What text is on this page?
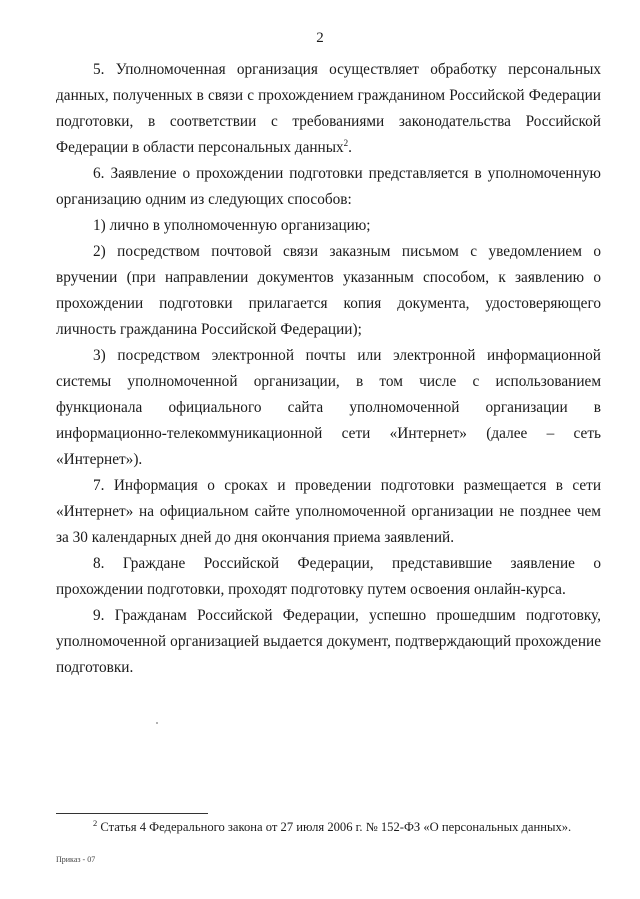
2

5. Уполномоченная организация осуществляет обработку персональных данных, полученных в связи с прохождением гражданином Российской Федерации подготовки, в соответствии с требованиями законодательства Российской Федерации в области персональных данных$^2$.

6. Заявление о прохождении подготовки представляется в уполномоченную организацию одним из следующих способов:

1) лично в уполномоченную организацию;

2) посредством почтовой связи заказным письмом с уведомлением о вручении (при направлении документов указанным способом, к заявлению о прохождении подготовки прилагается копия документа, удостоверяющего личность гражданина Российской Федерации);

3) посредством электронной почты или электронной информационной системы уполномоченной организации, в том числе с использованием функционала официального сайта уполномоченной организации в информационно-телекоммуникационной сети «Интернет» (далее – сеть «Интернет»).

7. Информация о сроках и проведении подготовки размещается в сети «Интернет» на официальном сайте уполномоченной организации не позднее чем за 30 календарных дней до дня окончания приема заявлений.

8. Граждане Российской Федерации, представившие заявление о прохождении подготовки, проходят подготовку путем освоения онлайн-курса.

9. Гражданам Российской Федерации, успешно прошедшим подготовку, уполномоченной организацией выдается документ, подтверждающий прохождение подготовки.

$^2$ Статья 4 Федерального закона от 27 июля 2006 г. № 152-ФЗ «О персональных данных».
Приказ - 07
